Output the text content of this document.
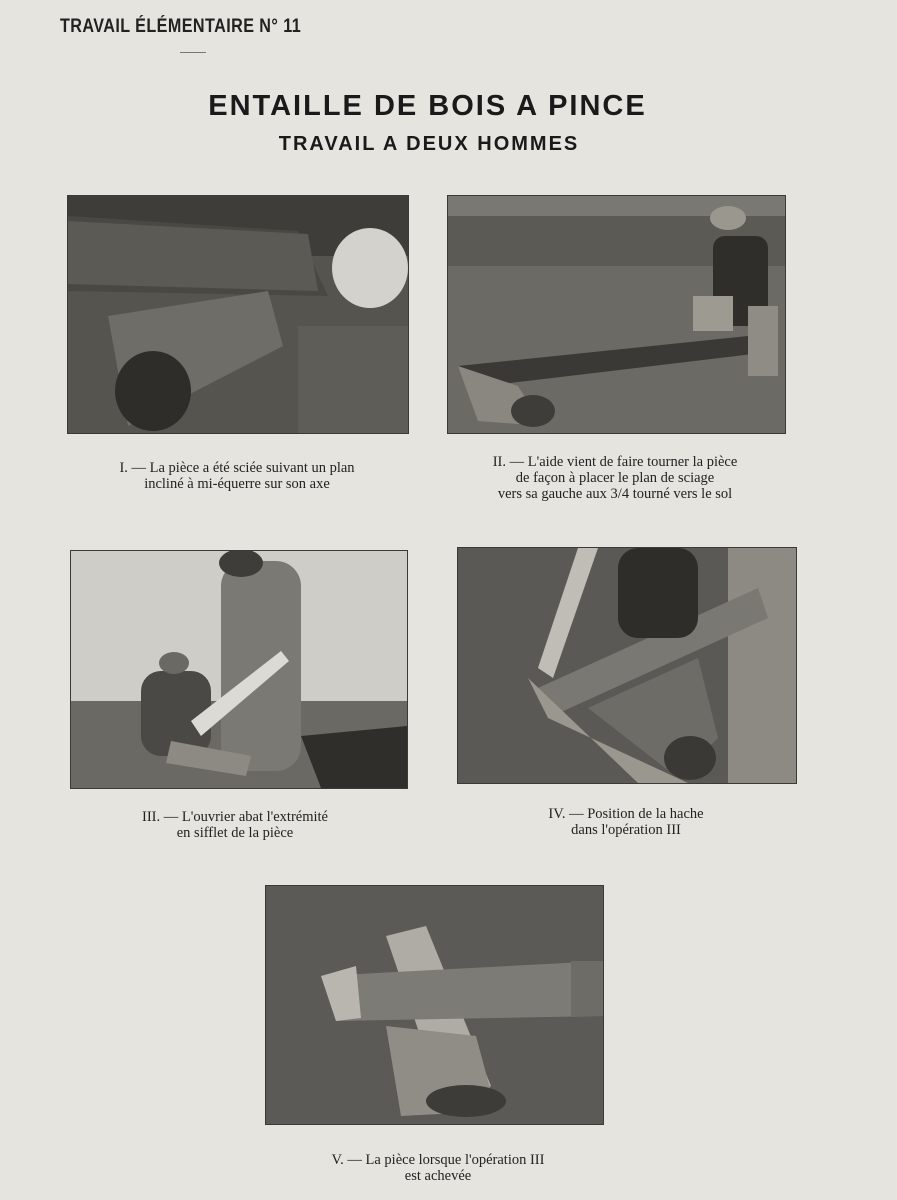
TRAVAIL ÉLÉMENTAIRE N° 11
ENTAILLE DE BOIS A PINCE
TRAVAIL A DEUX HOMMES
I. — La pièce a été sciée suivant un plan
incliné à mi-équerre sur son axe
II. — L'aide vient de faire tourner la pièce
de façon à placer le plan de sciage
vers sa gauche aux 3/4 tourné vers le sol
III. — L'ouvrier abat l'extrémité
en sifflet de la pièce
IV. — Position de la hache
dans l'opération III
V. — La pièce lorsque l'opération III
est achevée
